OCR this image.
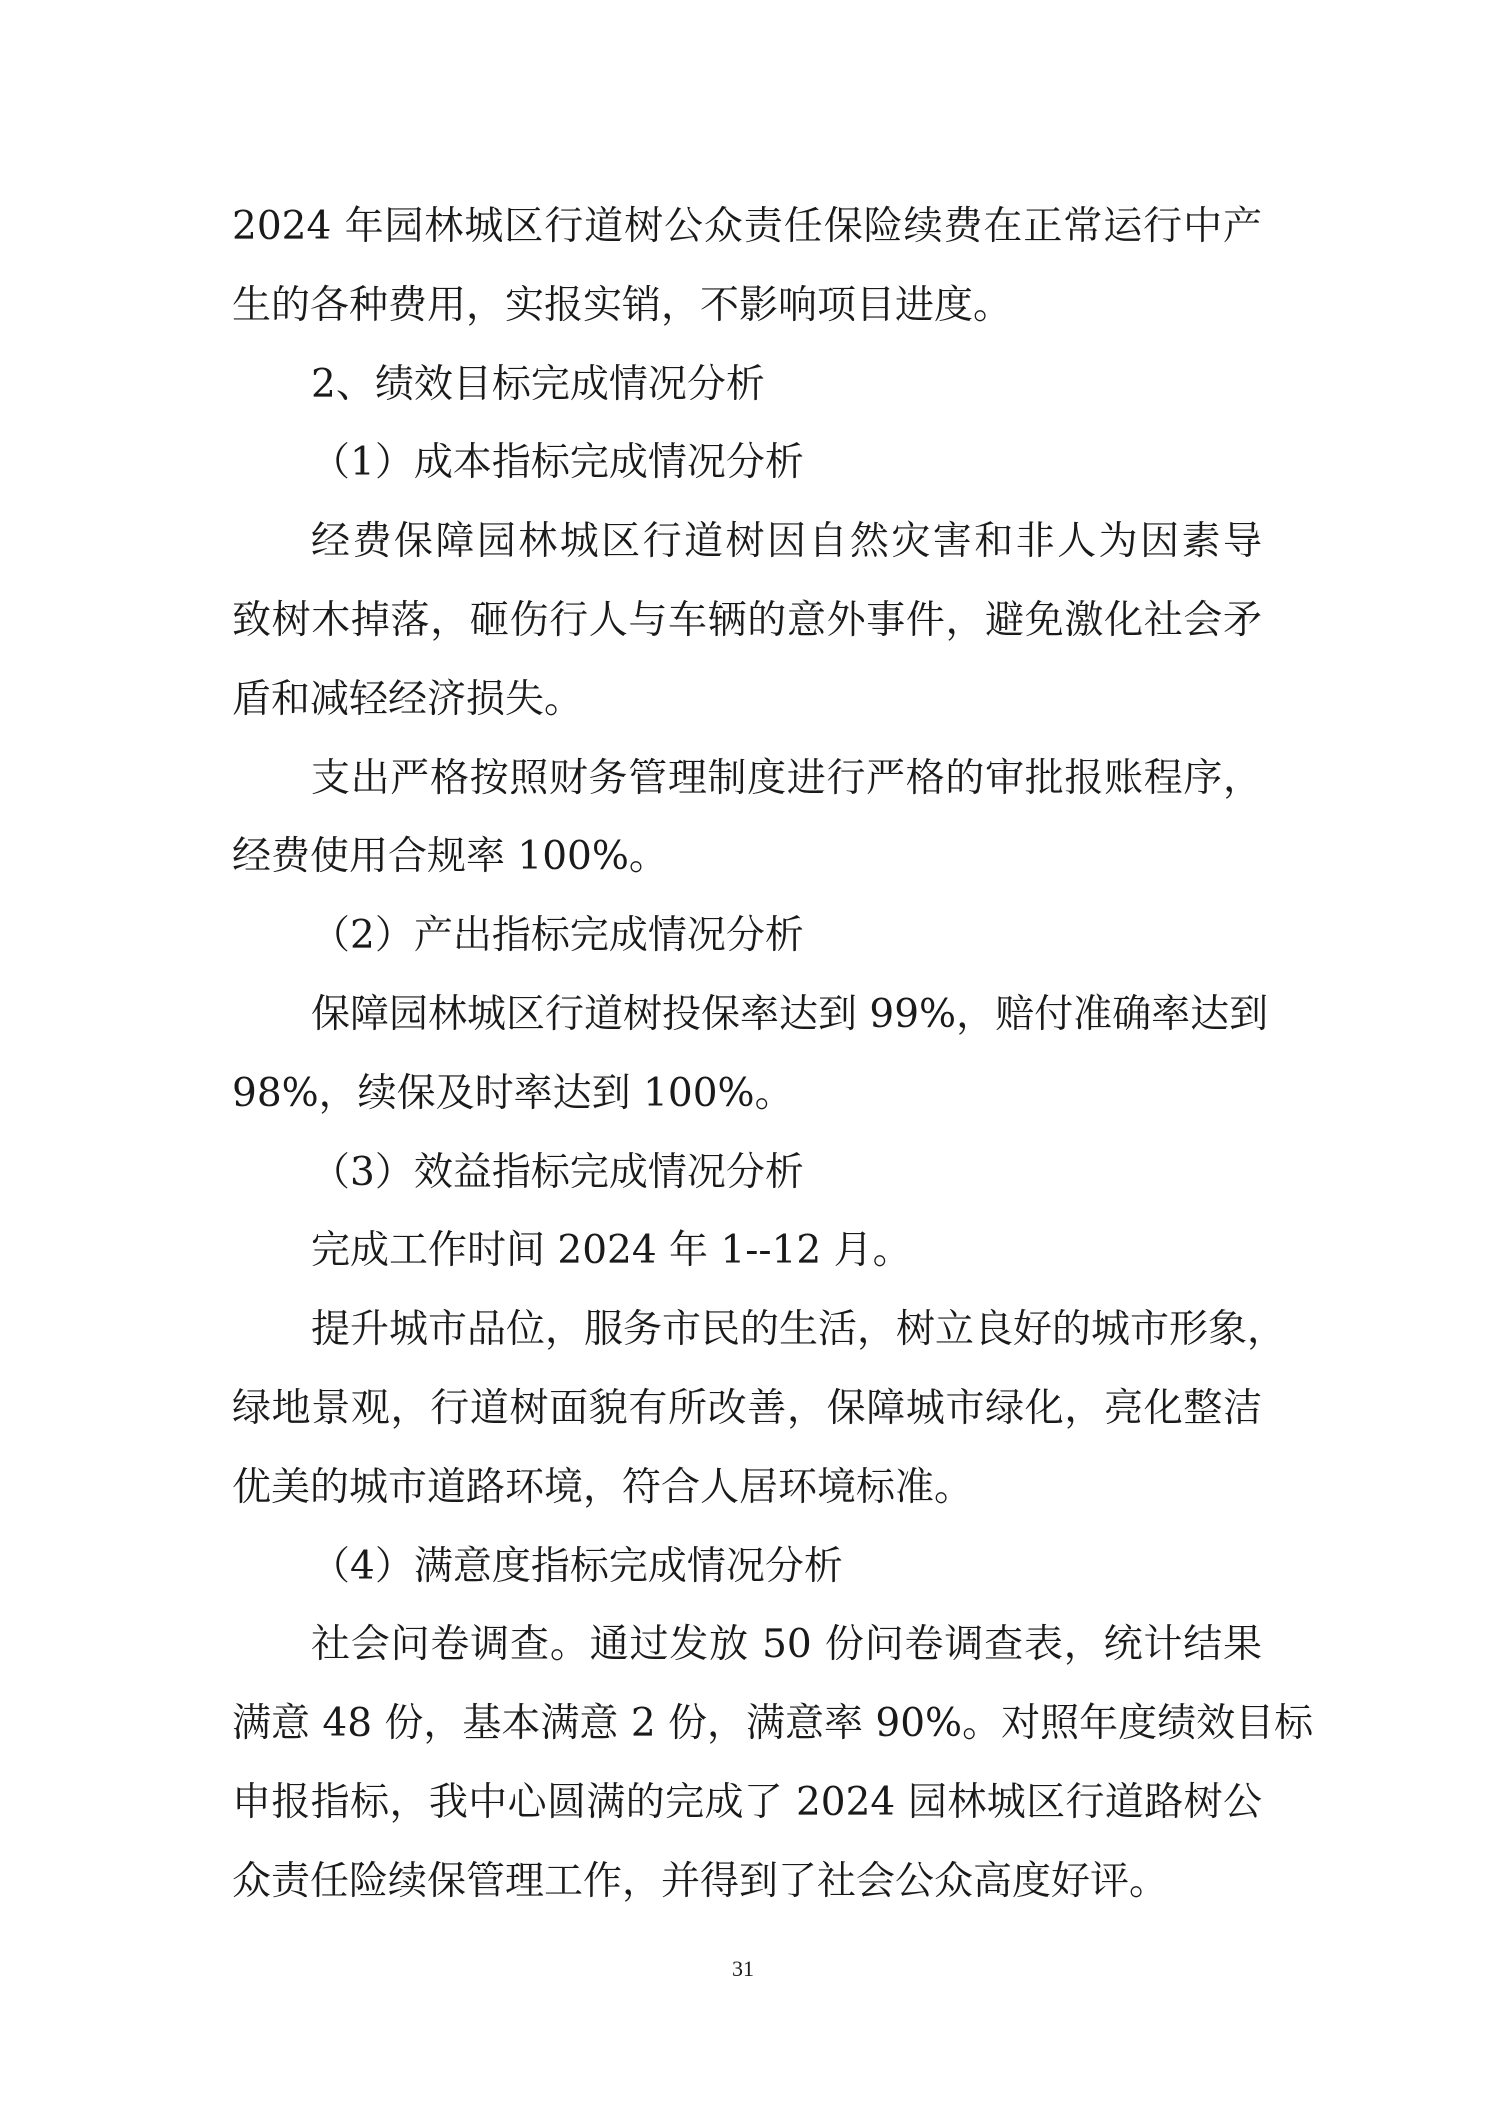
2024 年园林城区行道树公众责任保险续费在正常运行中产
生的各种费用，实报实销，不影响项目进度。
2、绩效目标完成情况分析
（1）成本指标完成情况分析
经费保障园林城区行道树因自然灾害和非人为因素导
致树木掉落，砸伤行人与车辆的意外事件，避免激化社会矛
盾和减轻经济损失。
支出严格按照财务管理制度进行严格的审批报账程序，
经费使用合规率 100%。
（2）产出指标完成情况分析
保障园林城区行道树投保率达到 99%，赔付准确率达到
98%，续保及时率达到 100%。
（3）效益指标完成情况分析
完成工作时间 2024 年 1--12 月。
提升城市品位，服务市民的生活，树立良好的城市形象，
绿地景观，行道树面貌有所改善，保障城市绿化，亮化整洁
优美的城市道路环境，符合人居环境标准。
（4）满意度指标完成情况分析
社会问卷调查。通过发放 50 份问卷调查表，统计结果
满意 48 份，基本满意 2 份，满意率 90%。对照年度绩效目标
申报指标，我中心圆满的完成了 2024 园林城区行道路树公
众责任险续保管理工作，并得到了社会公众高度好评。
31
